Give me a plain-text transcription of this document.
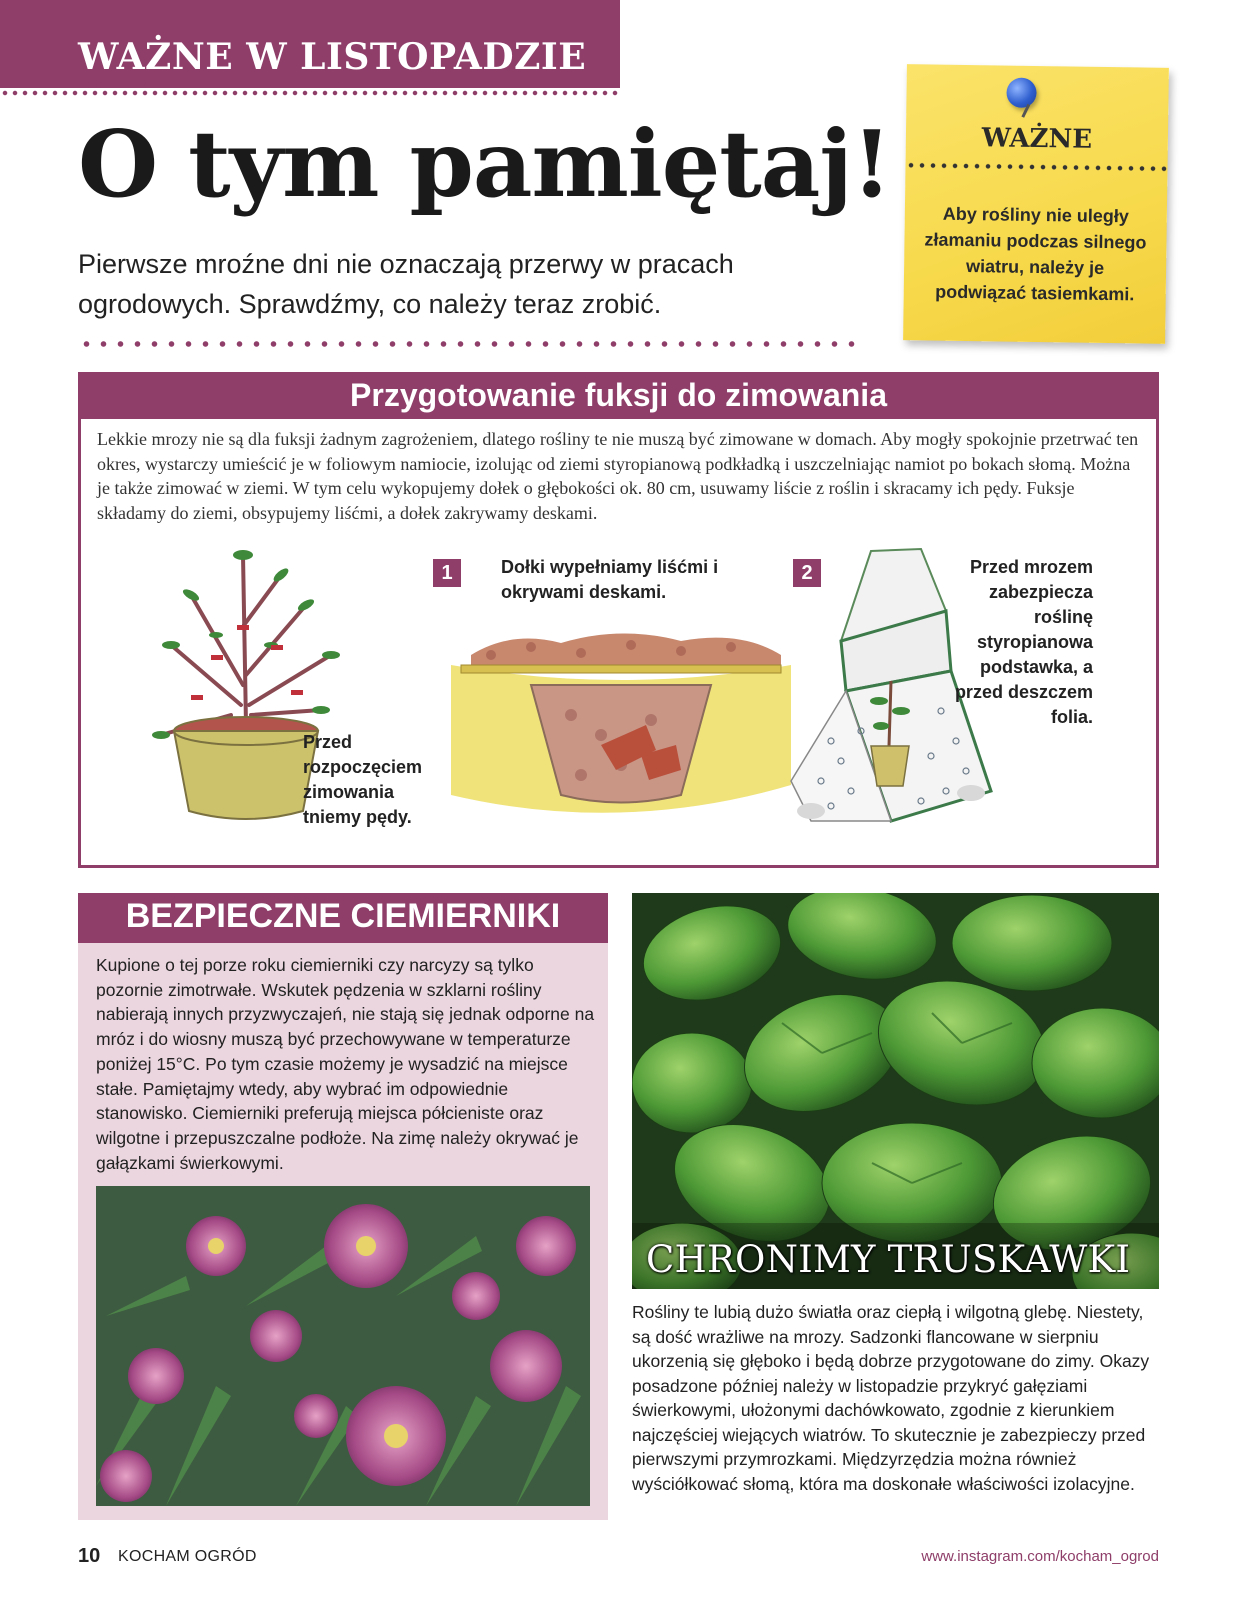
WAŻNE W LISTOPADZIE
O tym pamiętaj!

Pierwsze mroźne dni nie oznaczają przerwy w pracach ogrodowych. Sprawdźmy, co należy teraz zrobić.

WAŻNE
Aby rośliny nie uległy złamaniu podczas silnego wiatru, należy je podwiązać tasiemkami.
Przygotowanie fuksji do zimowania

Lekkie mrozy nie są dla fuksji żadnym zagrożeniem, dlatego rośliny te nie muszą być zimowane w domach. Aby mogły spokojnie przetrwać ten okres, wystarczy umieścić je w foliowym namiocie, izolując od ziemi styropianową podkładką i uszczelniając namiot po bokach słomą. Można je także zimować w ziemi. W tym celu wykopujemy dołek o głębokości ok. 80 cm, usuwamy liście z roślin i skracamy ich pędy. Fuksje składamy do ziemi, obsypujemy liśćmi, a dołek zakrywamy deskami.

Przed rozpoczęciem zimowania tniemy pędy.
1	Dołki wypełniamy liśćmi i okrywami deskami.
2	Przed mrozem zabezpiecza roślinę styropianowa podstawka, a przed deszczem folia.
BEZPIECZNE CIEMIERNIKI

Kupione o tej porze roku ciemierniki czy narcyzy są tylko pozornie zimotrwałe. Wskutek pędzenia w szklarni rośliny nabierają innych przyzwyczajeń, nie stają się jednak odporne na mróz i do wiosny muszą być przechowywane w temperaturze poniżej 15°C. Po tym czasie możemy je wysadzić na miejsce stałe. Pamiętajmy wtedy, aby wybrać im odpowiednie stanowisko. Ciemierniki preferują miejsca półcieniste oraz wilgotne i przepuszczalne podłoże. Na zimę należy okrywać je gałązkami świerkowymi.

CHRONIMY TRUSKAWKI

Rośliny te lubią dużo światła oraz ciepłą i wilgotną glebę. Niestety, są dość wrażliwe na mrozy. Sadzonki flancowane w sierpniu ukorzenią się głęboko i będą dobrze przygotowane do zimy. Okazy posadzone później należy w listopadzie przykryć gałęziami świerkowymi, ułożonymi dachówkowato, zgodnie z kierunkiem najczęściej wiejących wiatrów. To skutecznie je zabezpieczy przed pierwszymi przymrozkami. Międzyrzędzia można również wyściółkować słomą, która ma doskonałe właściwości izolacyjne.

10 KOCHAM OGRÓD	www.instagram.com/kocham_ogrod
